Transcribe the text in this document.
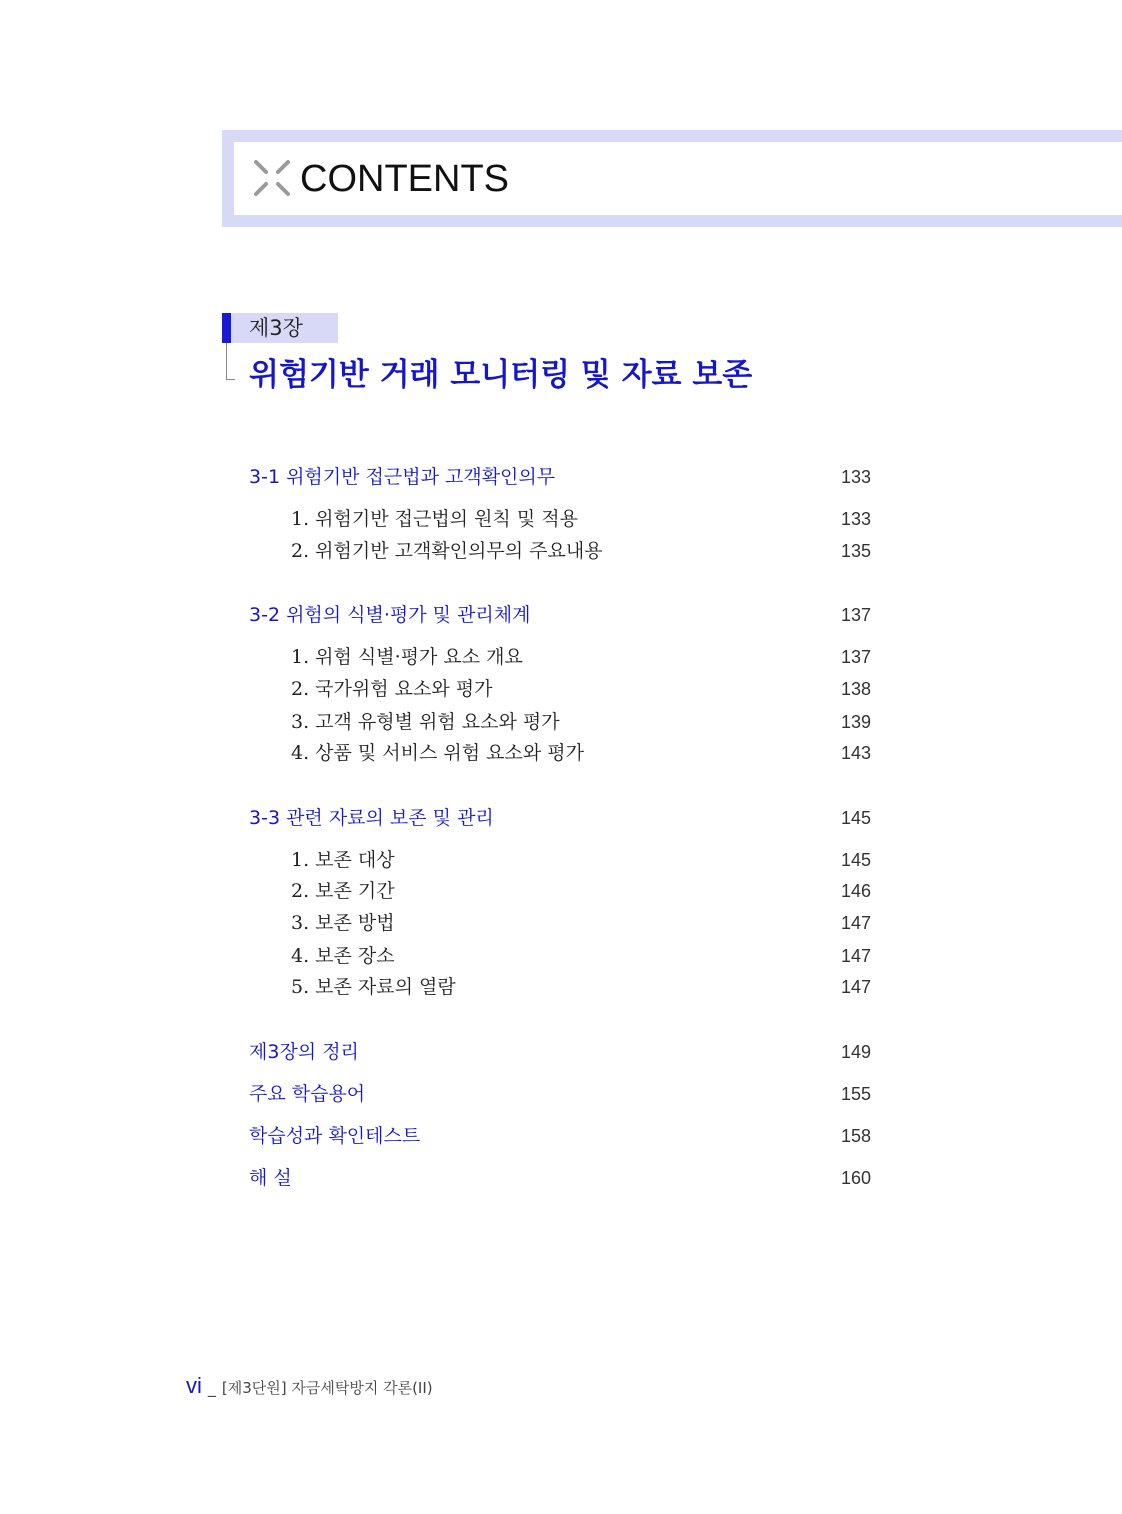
CONTENTS
제3장
위험기반 거래 모니터링 및 자료 보존
3-1 위험기반 접근법과 고객확인의무	133
1. 위험기반 접근법의 원칙 및 적용	133
2. 위험기반 고객확인의무의 주요내용	135
3-2 위험의 식별·평가 및 관리체계	137
1. 위험 식별·평가 요소 개요	137
2. 국가위험 요소와 평가	138
3. 고객 유형별 위험 요소와 평가	139
4. 상품 및 서비스 위험 요소와 평가	143
3-3 관련 자료의 보존 및 관리	145
1. 보존 대상	145
2. 보존 기간	146
3. 보존 방법	147
4. 보존 장소	147
5. 보존 자료의 열람	147
제3장의 정리	149
주요 학습용어	155
학습성과 확인테스트	158
해 설	160
vi _ [제3단원] 자금세탁방지 각론(II)
